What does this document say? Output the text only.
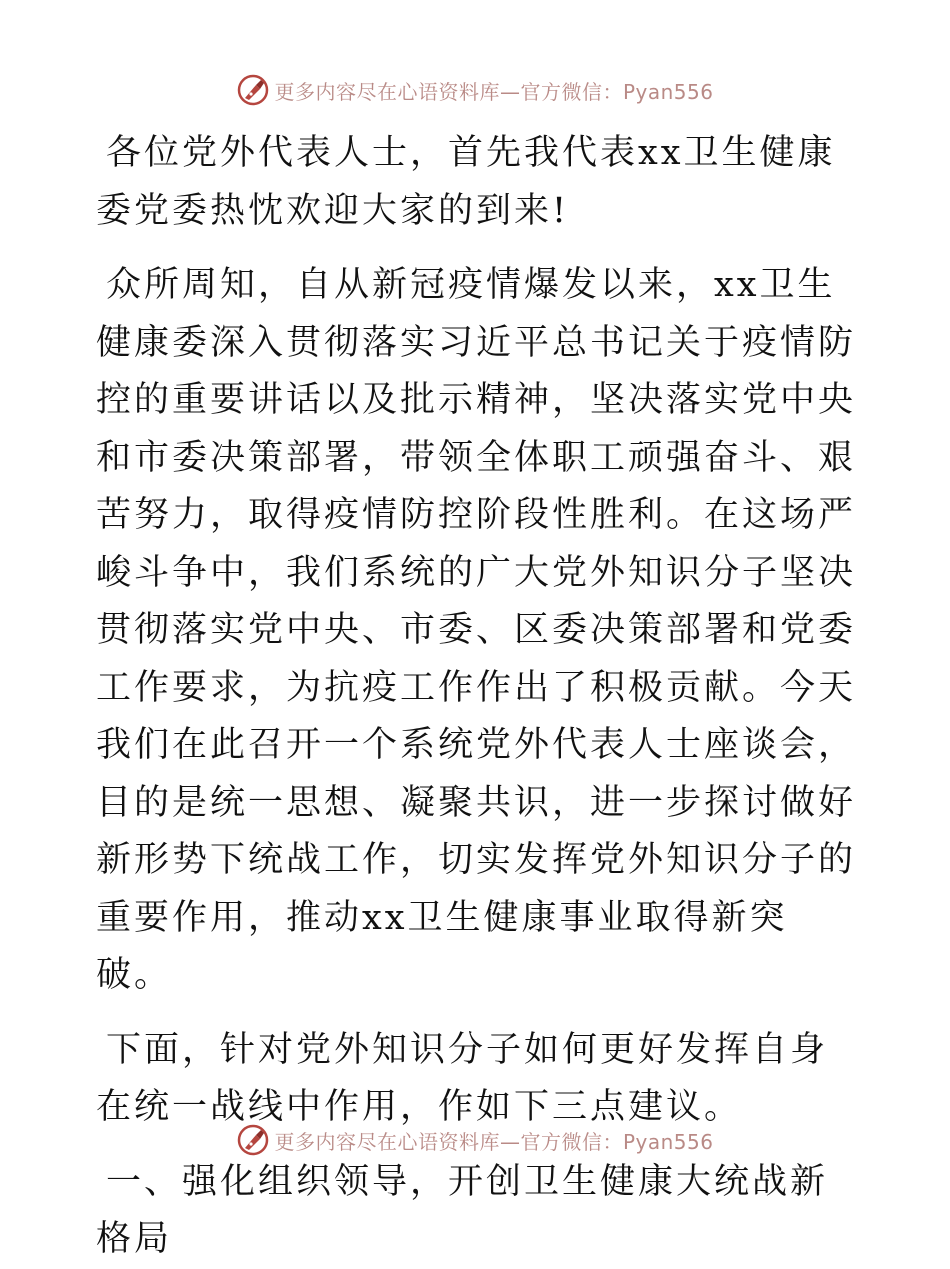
更多内容尽在心语资料库—官方微信：Pyan556

各位党外代表人士，首先我代表xx卫生健康委党委热忱欢迎大家的到来!

众所周知，自从新冠疫情爆发以来，xx卫生健康委深入贯彻落实习近平总书记关于疫情防控的重要讲话以及批示精神，坚决落实党中央和市委决策部署，带领全体职工顽强奋斗、艰苦努力，取得疫情防控阶段性胜利。在这场严峻斗争中，我们系统的广大党外知识分子坚决贯彻落实党中央、市委、区委决策部署和党委工作要求，为抗疫工作作出了积极贡献。今天我们在此召开一个系统党外代表人士座谈会，目的是统一思想、凝聚共识，进一步探讨做好新形势下统战工作，切实发挥党外知识分子的重要作用，推动xx卫生健康事业取得新突破。

下面，针对党外知识分子如何更好发挥自身在统一战线中作用，作如下三点建议。

一、强化组织领导，开创卫生健康大统战新格局

更多内容尽在心语资料库—官方微信：Pyan556
